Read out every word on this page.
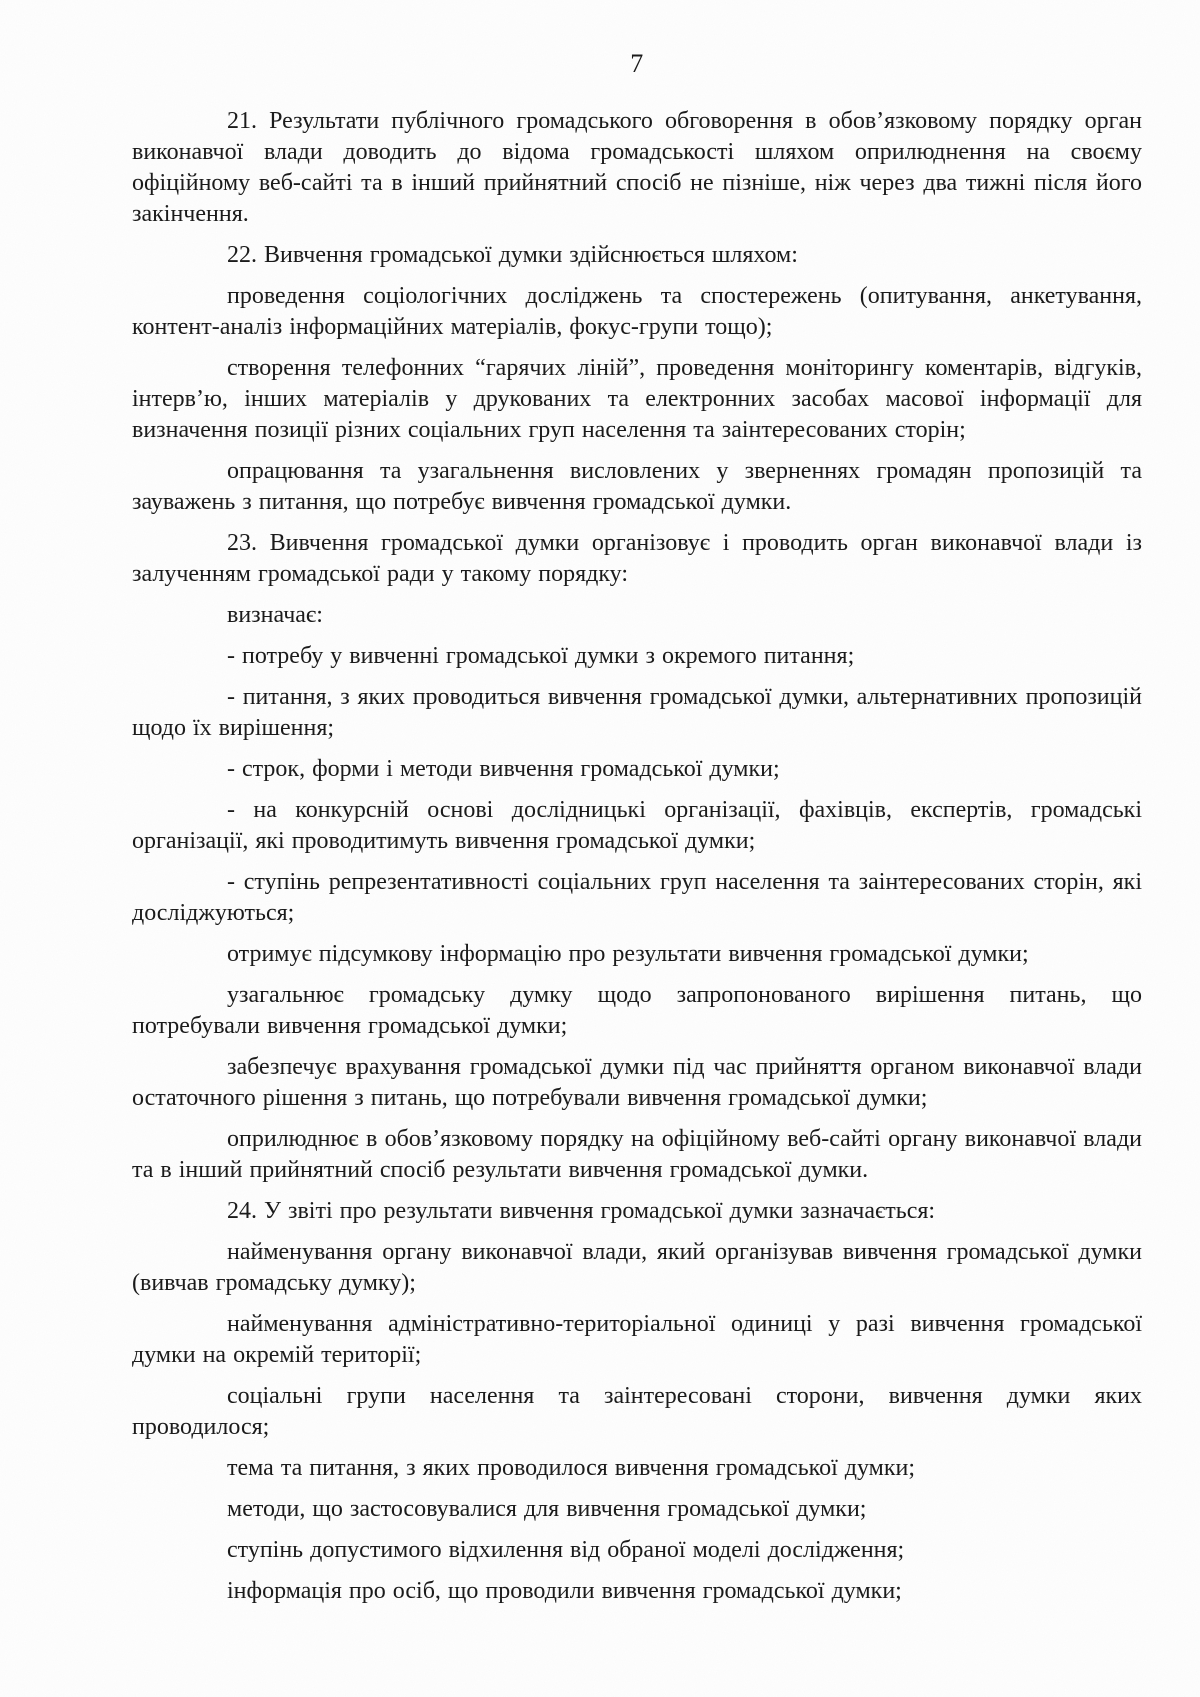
7

21. Результати публічного громадського обговорення в обов’язковому порядку орган виконавчої влади доводить до відома громадськості шляхом оприлюднення на своєму офіційному веб-сайті та в інший прийнятний спосіб не пізніше, ніж через два тижні після його закінчення.

22. Вивчення громадської думки здійснюється шляхом:

проведення соціологічних досліджень та спостережень (опитування, анкетування, контент-аналіз інформаційних матеріалів, фокус-групи тощо);

створення телефонних “гарячих ліній”, проведення моніторингу коментарів, відгуків, інтерв’ю, інших матеріалів у друкованих та електронних засобах масової інформації для визначення позиції різних соціальних груп населення та заінтересованих сторін;

опрацювання та узагальнення висловлених у зверненнях громадян пропозицій та зауважень з питання, що потребує вивчення громадської думки.

23. Вивчення громадської думки організовує і проводить орган виконавчої влади із залученням громадської ради у такому порядку:

визначає:

- потребу у вивченні громадської думки з окремого питання;

- питання, з яких проводиться вивчення громадської думки, альтернативних пропозицій щодо їх вирішення;

- строк, форми і методи вивчення громадської думки;

- на конкурсній основі дослідницькі організації, фахівців, експертів, громадські організації, які проводитимуть вивчення громадської думки;

- ступінь репрезентативності соціальних груп населення та заінтересованих сторін, які досліджуються;

отримує підсумкову інформацію про результати вивчення громадської думки;

узагальнює громадську думку щодо запропонованого вирішення питань, що потребували вивчення громадської думки;

забезпечує врахування громадської думки під час прийняття органом виконавчої влади остаточного рішення з питань, що потребували вивчення громадської думки;

оприлюднює в обов’язковому порядку на офіційному веб-сайті органу виконавчої влади та в інший прийнятний спосіб результати вивчення громадської думки.

24. У звіті про результати вивчення громадської думки зазначається:

найменування органу виконавчої влади, який організував вивчення громадської думки (вивчав громадську думку);

найменування адміністративно-територіальної одиниці у разі вивчення громадської думки на окремій території;

соціальні групи населення та заінтересовані сторони, вивчення думки яких проводилося;

тема та питання, з яких проводилося вивчення громадської думки;

методи, що застосовувалися для вивчення громадської думки;

ступінь допустимого відхилення від обраної моделі дослідження;

інформація про осіб, що проводили вивчення громадської думки;
